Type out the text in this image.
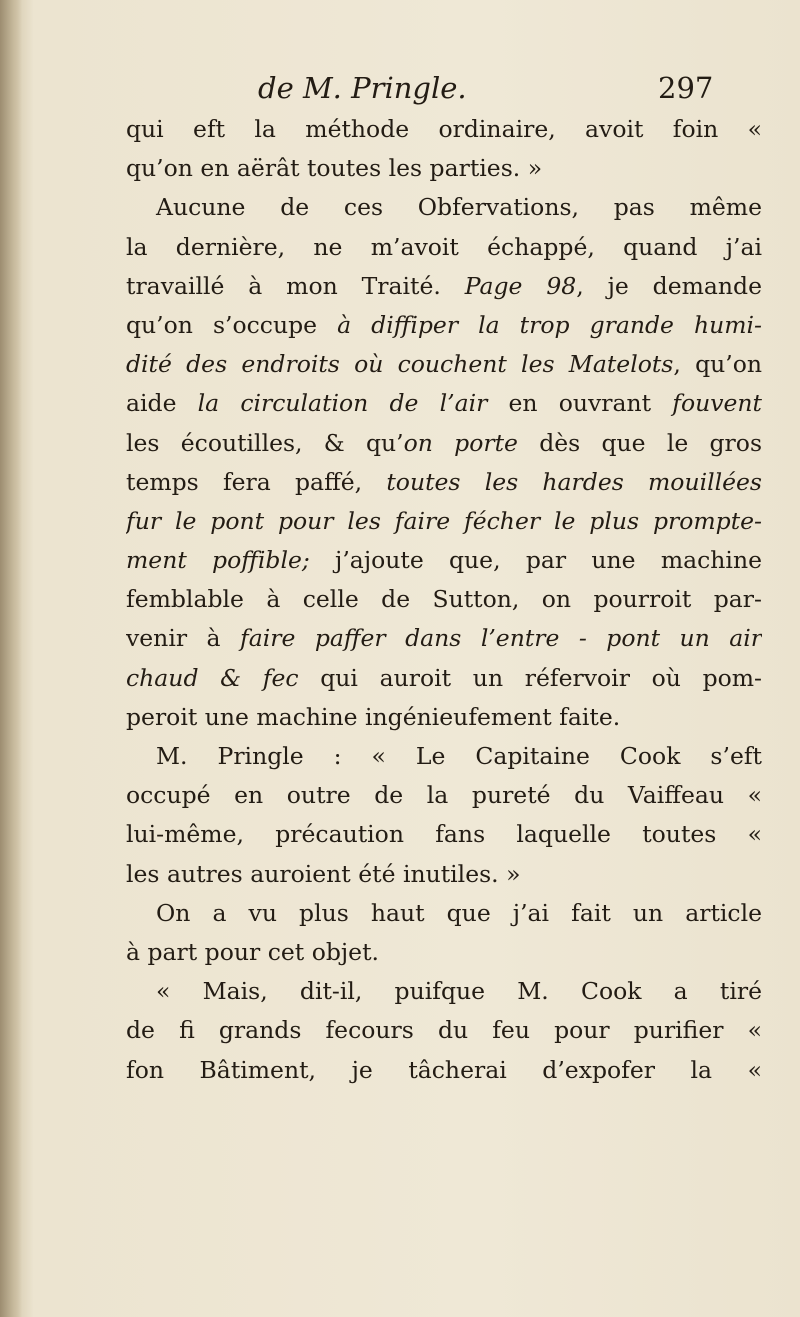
de M. Pringle.	297
qui eft la méthode ordinaire, avoit foin «
qu’on en aërât toutes les parties. »
Aucune de ces Obfervations, pas même
la dernière, ne m’avoit échappé, quand j’ai
travaillé à mon Traité. Page 98, je demande
qu’on s’occupe à diffiper la trop grande humi-
dité des endroits où couchent les Matelots, qu’on
aide la circulation de l’air en ouvrant fouvent
les écoutilles, & qu’on porte dès que le gros
temps fera paffé, toutes les hardes mouillées
fur le pont pour les faire fécher le plus prompte-
ment poffible; j’ajoute que, par une machine
femblable à celle de Sutton, on pourroit par-
venir à faire paffer dans l’entre - pont un air
chaud & fec qui auroit un réfervoir où pom-
peroit une machine ingénieufement faite.
M. Pringle : « Le Capitaine Cook s’eft
occupé en outre de la pureté du Vaiffeau «
lui-même, précaution fans laquelle toutes «
les autres auroient été inutiles. »
On a vu plus haut que j’ai fait un article
à part pour cet objet.
« Mais, dit-il, puifque M. Cook a tiré
de fi grands fecours du feu pour purifier «
fon Bâtiment, je tâcherai d’expofer la «
